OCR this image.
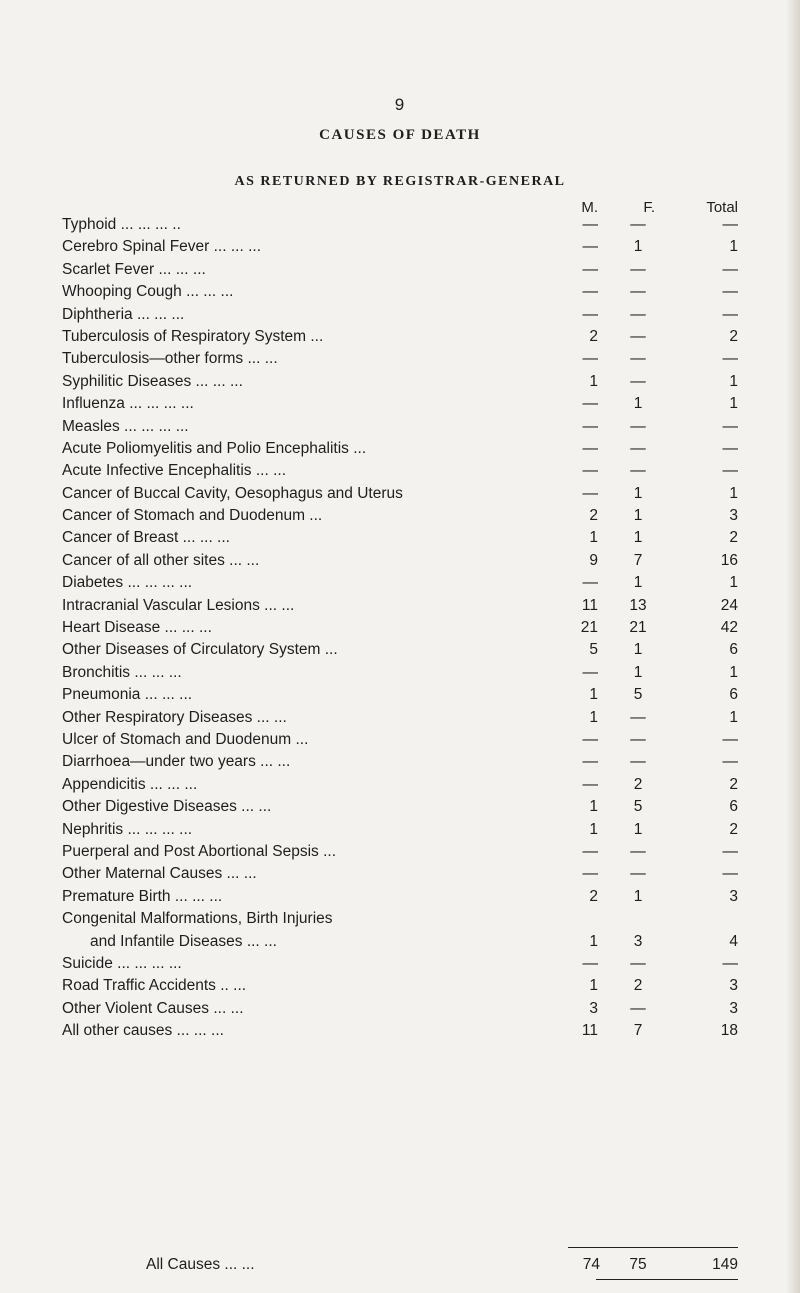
9
CAUSES OF DEATH
AS RETURNED BY REGISTRAR-GENERAL
M.	F.	Total
Typhoid ... ... ... ..	— —	—
Cerebro Spinal Fever ... ... ...	—	1	1
Scarlet Fever ... ... ...	— —	—
Whooping Cough ... ... ...	— —	—
Diphtheria ... ... ...	— —	—
Tuberculosis of Respiratory System ...	2 —	2
Tuberculosis—other forms ... ...	— —	—
Syphilitic Diseases ... ... ...	1 —	1
Influenza ... ... ... ...	—	1	1
Measles ... ... ... ...	— —	—
Acute Poliomyelitis and Polio Encephalitis ...	— —	—
Acute Infective Encephalitis ... ...	— —	—
Cancer of Buccal Cavity, Oesophagus and Uterus	—	1	1
Cancer of Stomach and Duodenum ...	2	1	3
Cancer of Breast ... ... ...	1	1	2
Cancer of all other sites ... ...	9	7	16
Diabetes ... ... ... ...	—	1	1
Intracranial Vascular Lesions ... ...	11 13	24
Heart Disease ... ... ...	21 21	42
Other Diseases of Circulatory System ...	5	1	6
Bronchitis ... ... ...	—	1	1
Pneumonia ... ... ...	1	5	6
Other Respiratory Diseases ... ...	1 —	1
Ulcer of Stomach and Duodenum ...	— —	—
Diarrhoea—under two years ... ...	— —	—
Appendicitis ... ... ...	—	2	2
Other Digestive Diseases ... ...	1	5	6
Nephritis ... ... ... ...	1	1	2
Puerperal and Post Abortional Sepsis ...	— —	—
Other Maternal Causes ... ...	— —	—
Premature Birth ... ... ...	2	1	3
Congenital Malformations, Birth Injuries
and Infantile Diseases ... ...	1	3	4
Suicide ... ... ... ...	— —	—
Road Traffic Accidents .. ...	1	2	3
Other Violent Causes ... ...	3 —	3
All other causes ... ... ...	11	7	18
All Causes ... ...	74 75	149
